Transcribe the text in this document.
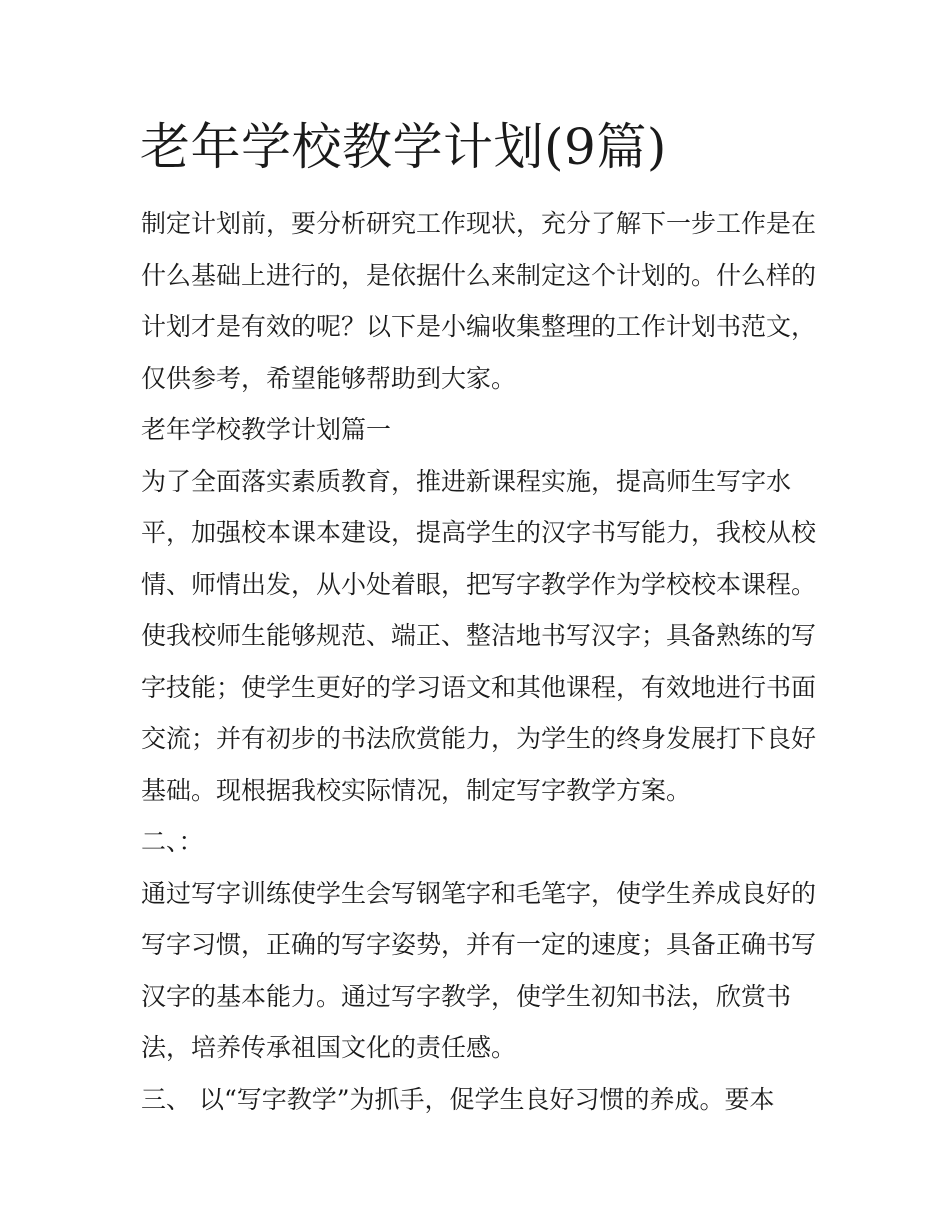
老年学校教学计划(9篇)
制定计划前，要分析研究工作现状，充分了解下一步工作是在
什么基础上进行的，是依据什么来制定这个计划的。什么样的
计划才是有效的呢？以下是小编收集整理的工作计划书范文，
仅供参考，希望能够帮助到大家。
老年学校教学计划篇一
为了全面落实素质教育，推进新课程实施，提高师生写字水
平，加强校本课本建设，提高学生的汉字书写能力，我校从校
情、师情出发，从小处着眼，把写字教学作为学校校本课程。
使我校师生能够规范、端正、整洁地书写汉字；具备熟练的写
字技能；使学生更好的学习语文和其他课程，有效地进行书面
交流；并有初步的书法欣赏能力，为学生的终身发展打下良好
基础。现根据我校实际情况，制定写字教学方案。
二、：
通过写字训练使学生会写钢笔字和毛笔字，使学生养成良好的
写字习惯，正确的写字姿势，并有一定的速度；具备正确书写
汉字的基本能力。通过写字教学，使学生初知书法，欣赏书
法，培养传承祖国文化的责任感。
三、 以“写字教学”为抓手，促学生良好习惯的养成。要本
